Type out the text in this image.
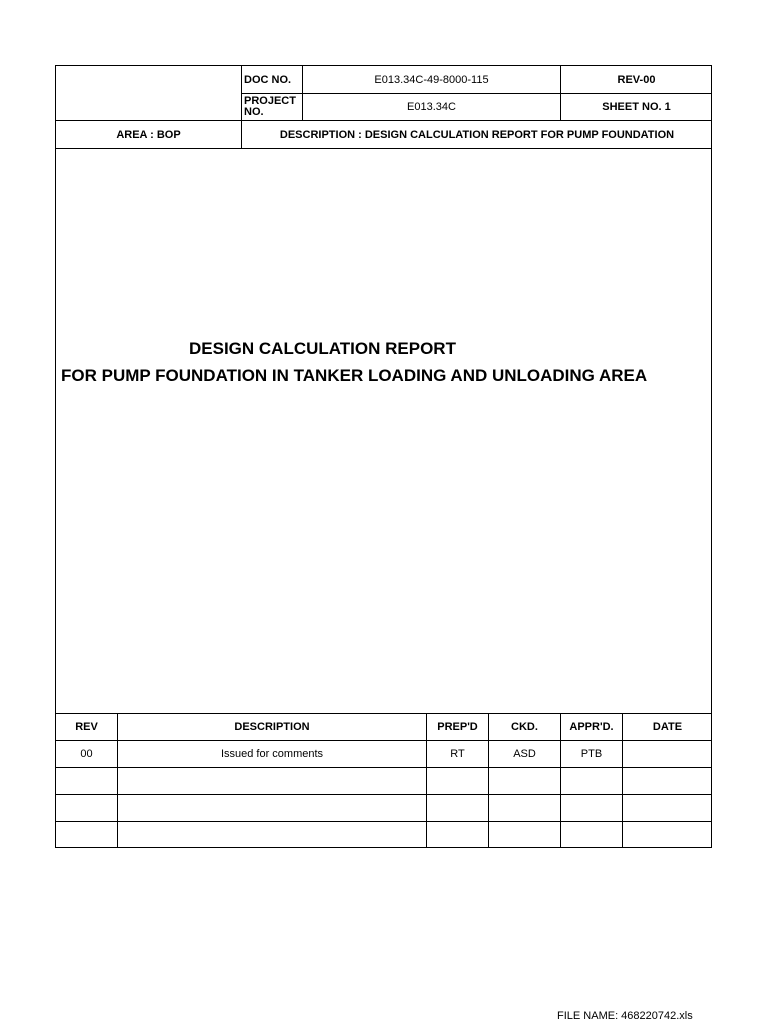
DOC NO.	E013.34C-49-8000-115	REV-00
PROJECT
NO.	E013.34C	SHEET NO. 1
AREA : BOP	DESCRIPTION : DESIGN CALCULATION REPORT FOR PUMP FOUNDATION
REV	DESCRIPTION	PREP'D	CKD.	APPR'D.	DATE
00	Issued for comments	RT	ASD	PTB
DESIGN CALCULATION REPORT
FOR PUMP FOUNDATION IN TANKER LOADING AND UNLOADING AREA
FILE NAME: 468220742.xls
